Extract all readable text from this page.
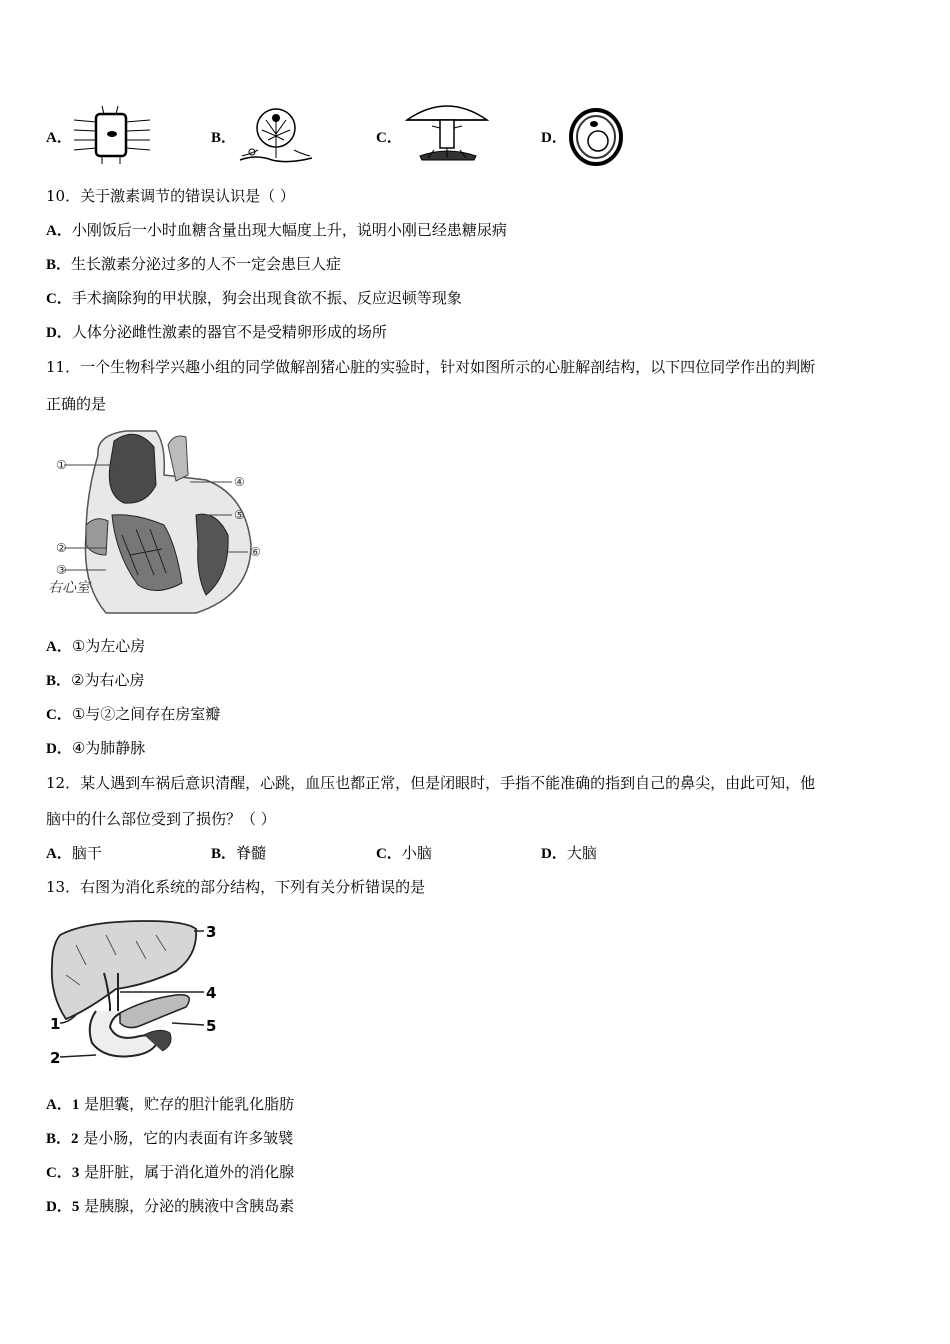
A．	B．	C．	D．
10．关于激素调节的错误认识是（ ）
A．小刚饭后一小时血糖含量出现大幅度上升，说明小刚已经患糖尿病
B．生长激素分泌过多的人不一定会患巨人症
C．手术摘除狗的甲状腺，狗会出现食欲不振、反应迟顿等现象
D．人体分泌雌性激素的器官不是受精卵形成的场所
11．一个生物科学兴趣小组的同学做解剖猪心脏的实验时，针对如图所示的心脏解剖结构，以下四位同学作出的判断
正确的是
①
②
③
④
⑤
⑥
右心室
A．①为左心房
B．②为右心房
C．①与②之间存在房室瓣
D．④为肺静脉
12．某人遇到车祸后意识清醒，心跳，血压也都正常，但是闭眼时，手指不能准确的指到自己的鼻尖，由此可知，他
脑中的什么部位受到了损伤？（ ）
A．脑干	B．脊髓	C．小脑	D．大脑
13．右图为消化系统的部分结构，下列有关分析错误的是
3
4
5
1
2
A．1 是胆囊，贮存的胆汁能乳化脂肪
B．2 是小肠，它的内表面有许多皱襞
C．3 是肝脏，属于消化道外的消化腺
D．5 是胰腺，分泌的胰液中含胰岛素
